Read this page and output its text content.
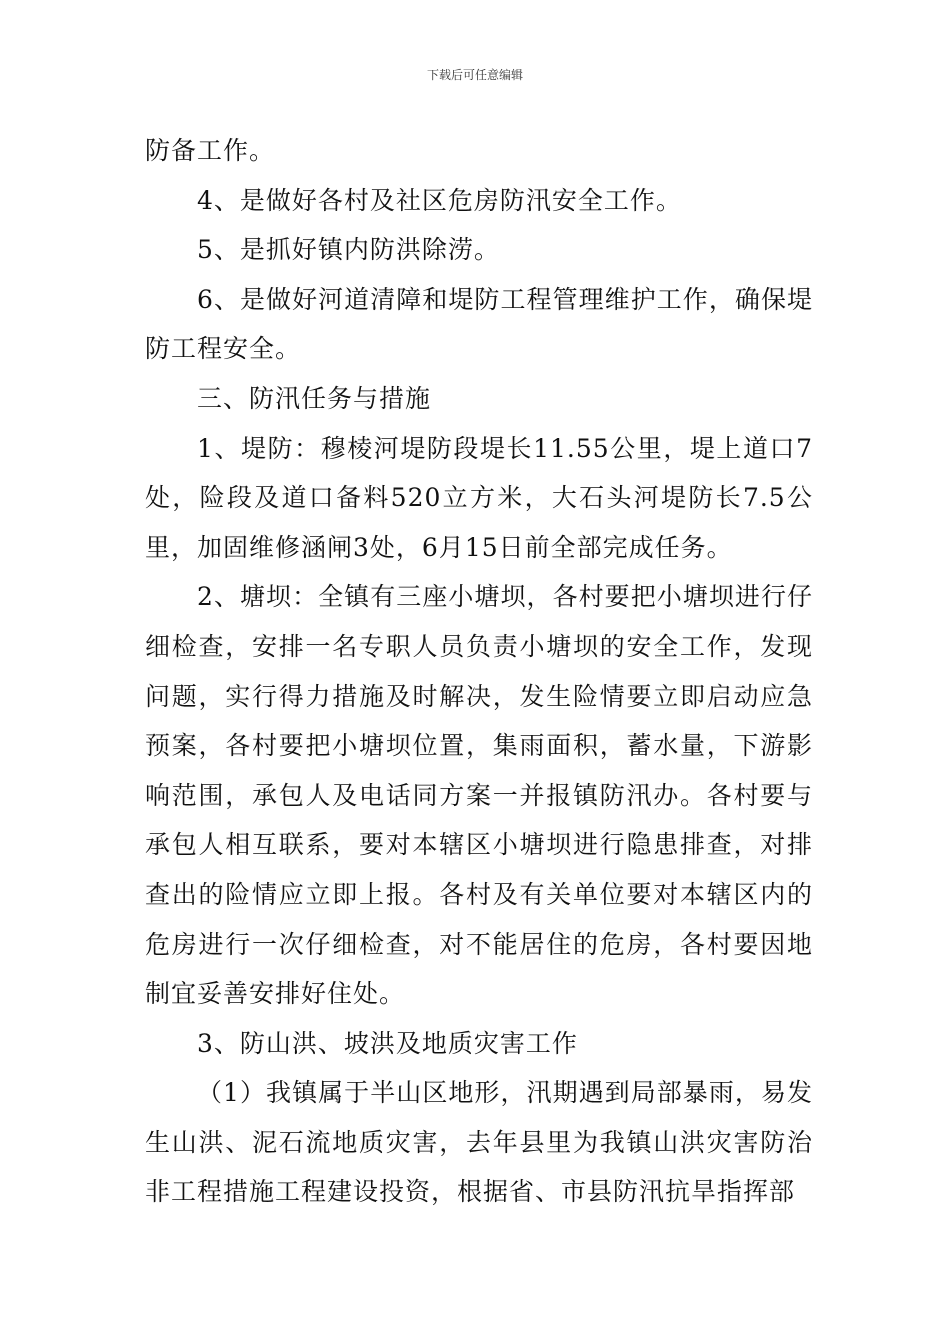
下载后可任意编辑

防备工作。

4、是做好各村及社区危房防汛安全工作。

5、是抓好镇内防洪除涝。

6、是做好河道清障和堤防工程管理维护工作，确保堤防工程安全。

三、防汛任务与措施

1、堤防：穆棱河堤防段堤长11.55公里，堤上道口7处，险段及道口备料520立方米，大石头河堤防长7.5公里，加固维修涵闸3处，6月15日前全部完成任务。

2、塘坝：全镇有三座小塘坝，各村要把小塘坝进行仔细检查，安排一名专职人员负责小塘坝的安全工作，发现问题，实行得力措施及时解决，发生险情要立即启动应急预案，各村要把小塘坝位置，集雨面积，蓄水量，下游影响范围，承包人及电话同方案一并报镇防汛办。各村要与承包人相互联系，要对本辖区小塘坝进行隐患排查，对排查出的险情应立即上报。各村及有关单位要对本辖区内的危房进行一次仔细检查，对不能居住的危房，各村要因地制宜妥善安排好住处。

3、防山洪、坡洪及地质灾害工作

（1）我镇属于半山区地形，汛期遇到局部暴雨，易发生山洪、泥石流地质灾害，去年县里为我镇山洪灾害防治非工程措施工程建设投资，根据省、市县防汛抗旱指挥部
